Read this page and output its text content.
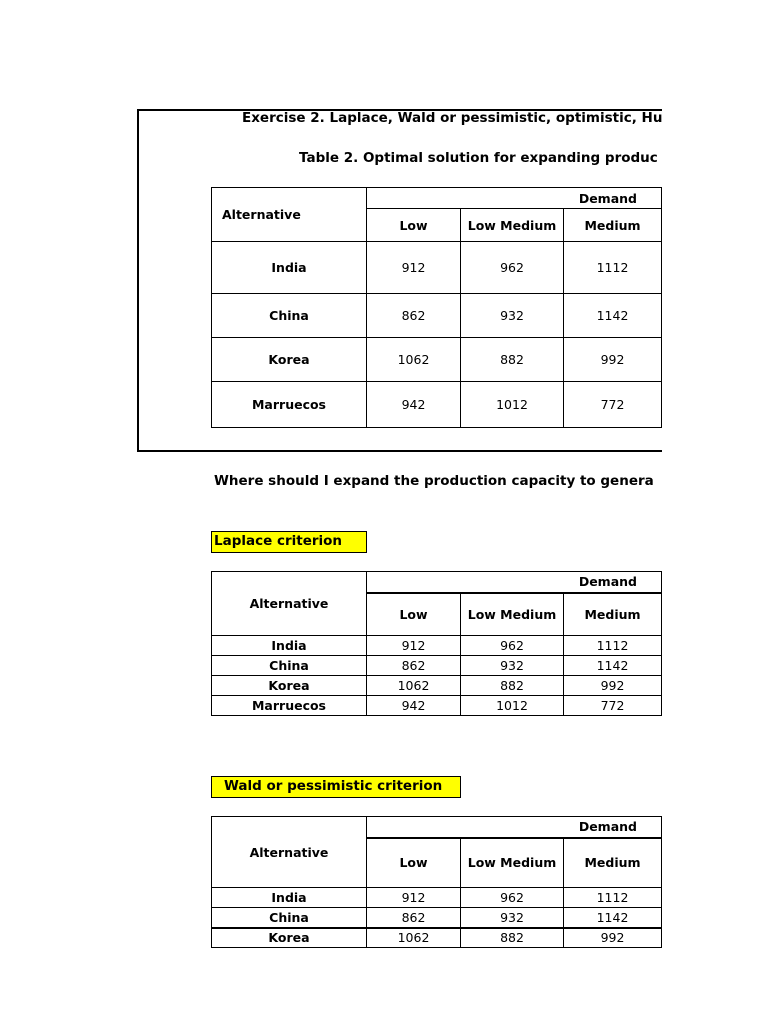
Exercise 2. Laplace, Wald or pessimistic, optimistic, Hu
Table 2. Optimal solution for expanding produc
Alternative	Demand		
	Low	Low Medium	Medium
India	912	962	1112
China	862	932	1142
Korea	1062	882	992
Marruecos	942	1012	772
Where should I expand the production capacity to genera
Laplace criterion
Alternative	Demand		
	Low	Low Medium	Medium
India	912	962	1112
China	862	932	1142
Korea	1062	882	992
Marruecos	942	1012	772
Wald or pessimistic criterion
Alternative	Demand		
	Low	Low Medium	Medium
India	912	962	1112
China	862	932	1142
Korea	1062	882	992
